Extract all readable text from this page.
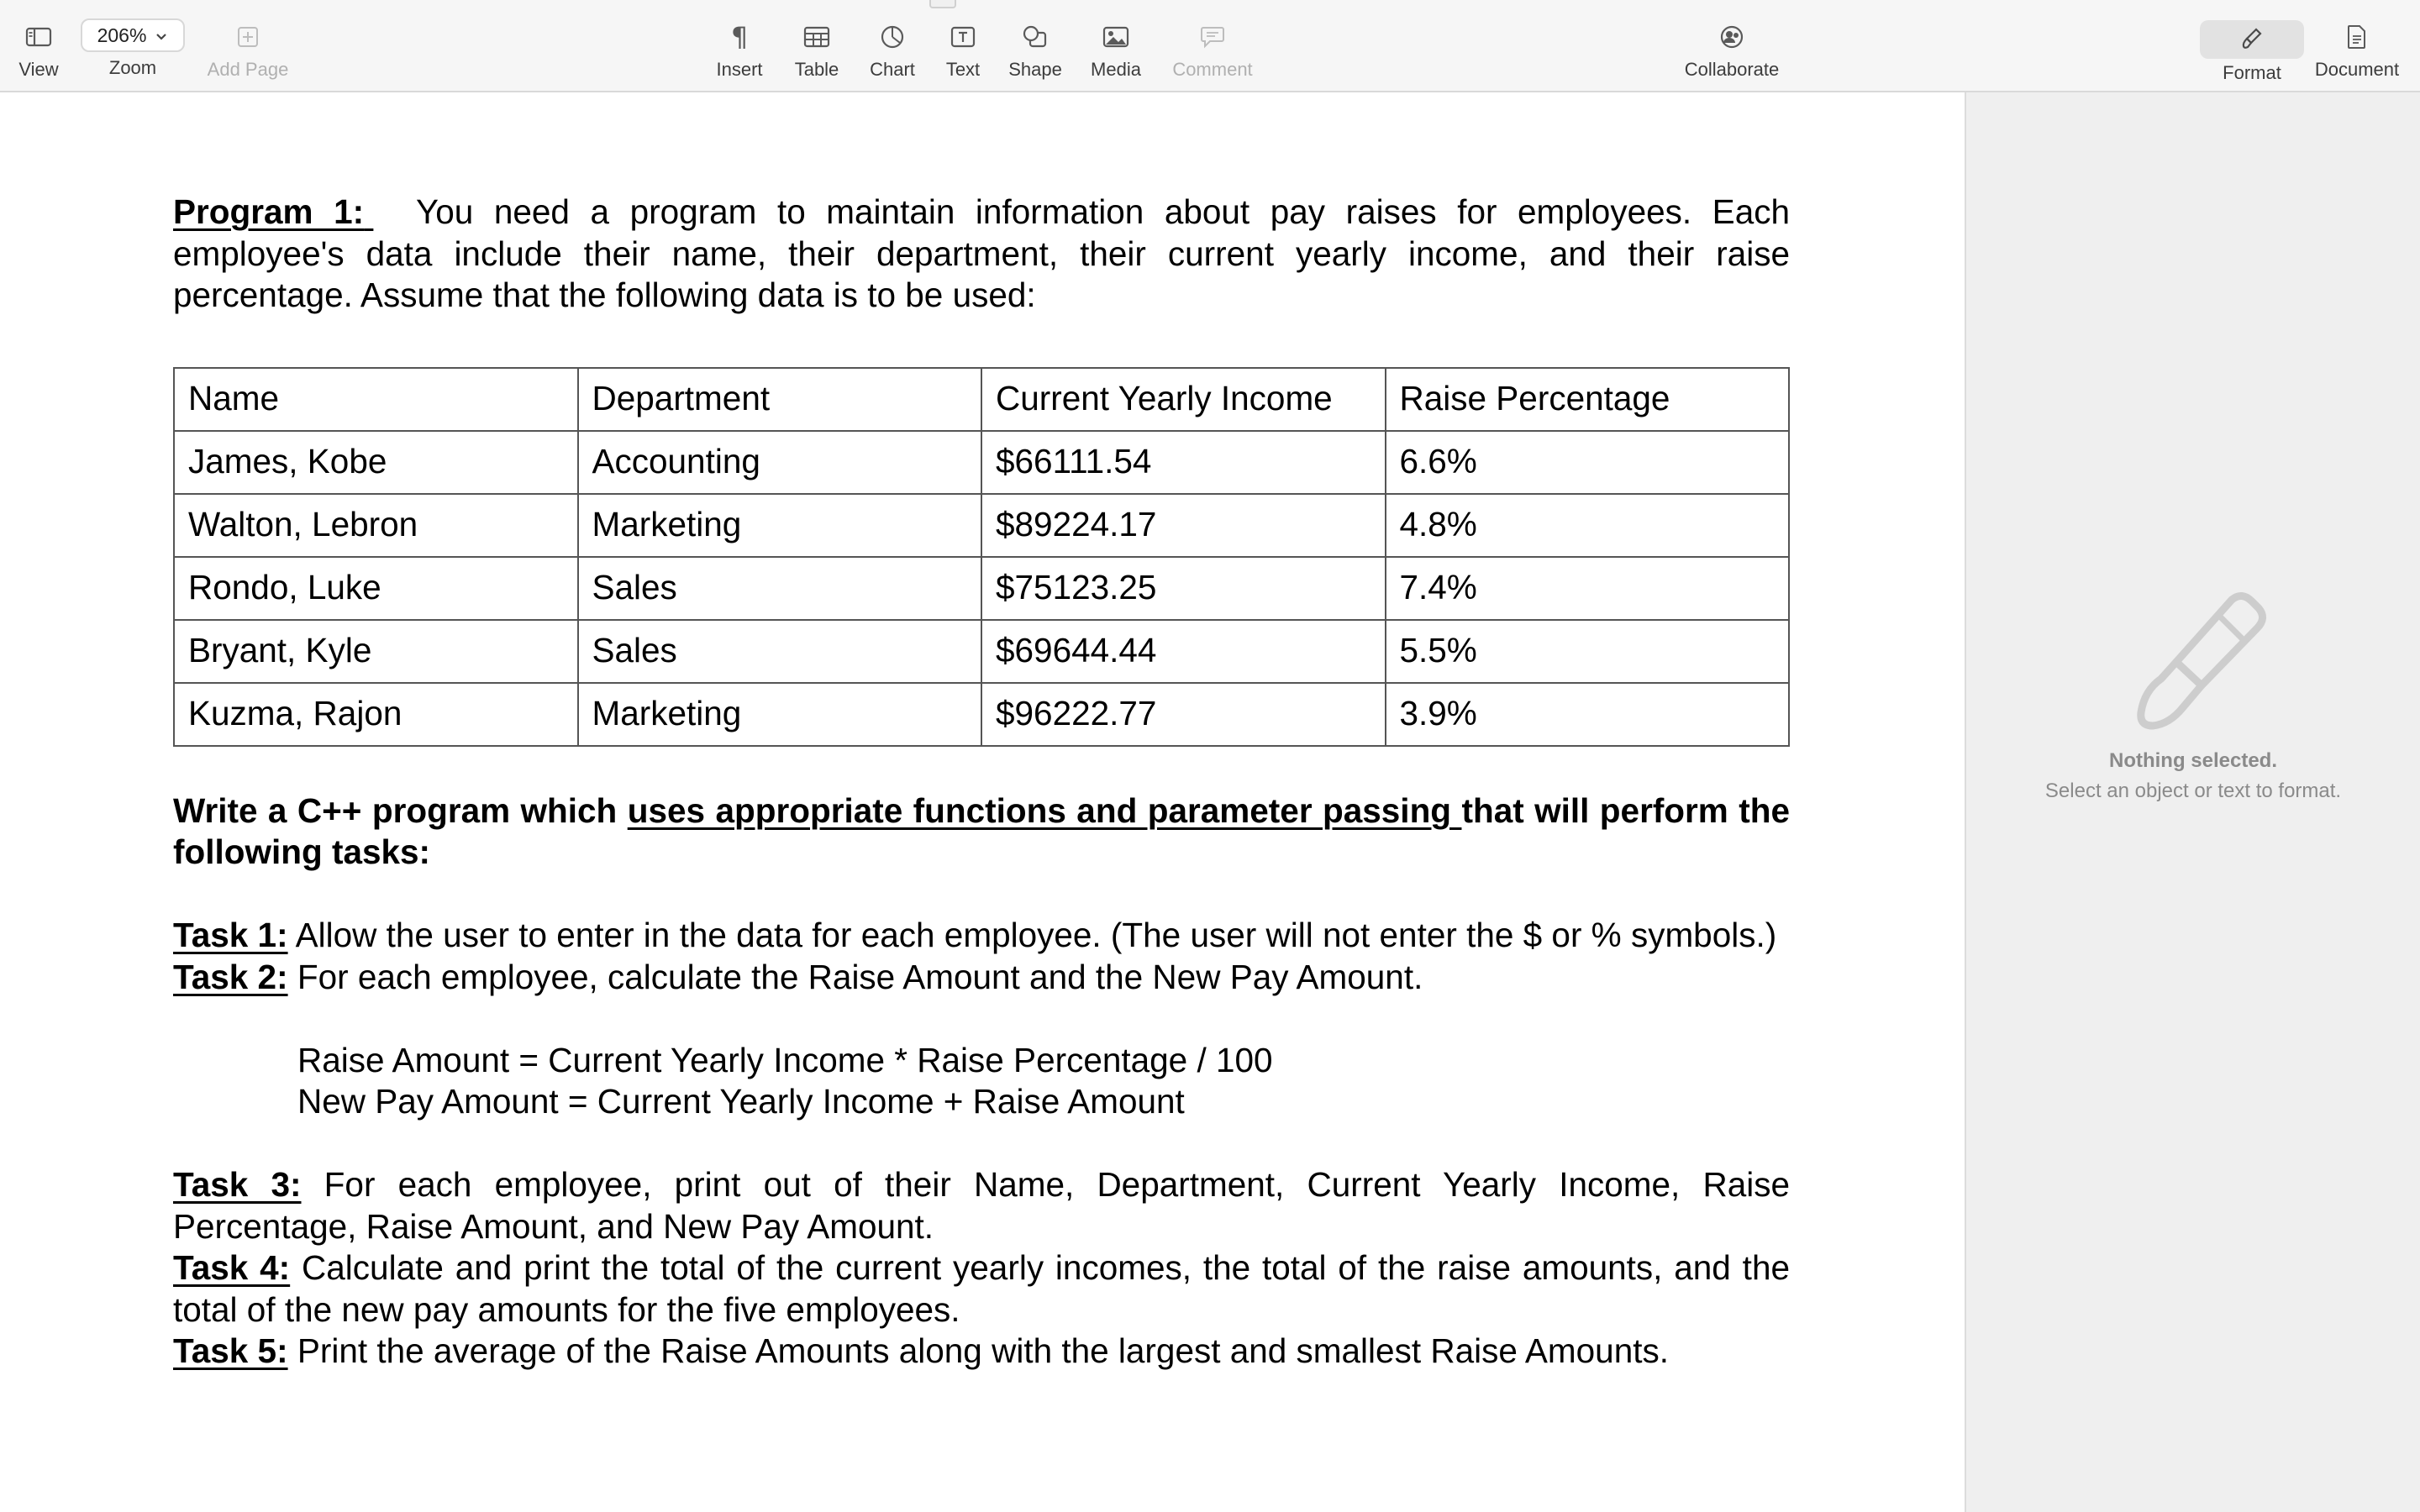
View
206%
Zoom	Add Page
¶
Insert Table Chart Text Shape Media Comment	Collaborate	Format Document

Program 1:  You need a program to maintain information about pay raises for employees. Each employee's data include their name, their department, their current yearly income, and their raise percentage. Assume that the following data is to be used:

Name	Department	Current Yearly Income	Raise Percentage
James, Kobe	Accounting	$66111.54	6.6%
Walton, Lebron	Marketing	$89224.17	4.8%
Rondo, Luke	Sales	$75123.25	7.4%
Bryant, Kyle	Sales	$69644.44	5.5%
Kuzma, Rajon	Marketing	$96222.77	3.9%

Write a C++ program which uses appropriate functions and parameter passing that will perform the following tasks:

Task 1: Allow the user to enter in the data for each employee. (The user will not enter the $ or % symbols.)

Task 2: For each employee, calculate the Raise Amount and the New Pay Amount.

Raise Amount = Current Yearly Income * Raise Percentage / 100

New Pay Amount = Current Yearly Income + Raise Amount

Task 3: For each employee, print out of their Name, Department, Current Yearly Income, Raise Percentage, Raise Amount, and New Pay Amount.

Task 4: Calculate and print the total of the current yearly incomes, the total of the raise amounts, and the total of the new pay amounts for the five employees.

Task 5: Print the average of the Raise Amounts along with the largest and smallest Raise Amounts.

Nothing selected.
Select an object or text to format.
